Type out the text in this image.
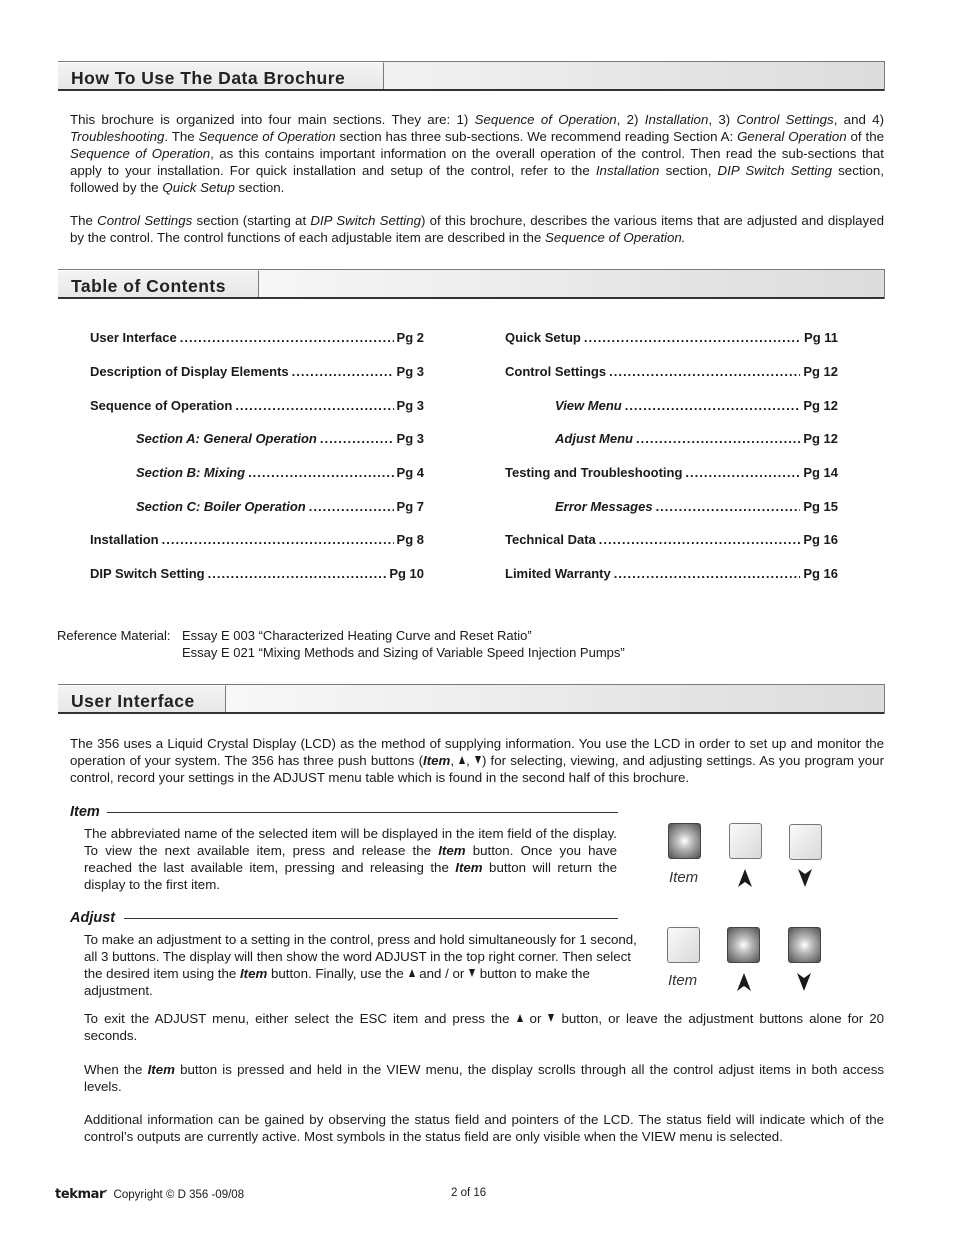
How To Use The Data Brochure

This brochure is organized into four main sections. They are: 1) Sequence of Operation, 2) Installation, 3) Control Settings, and 4) Troubleshooting. The Sequence of Operation section has three sub-sections. We recommend reading Section A: General Operation of the Sequence of Operation, as this contains important information on the overall operation of the control. Then read the sub-sections that apply to your installation. For quick installation and setup of the control, refer to the Installation section, DIP Switch Setting section, followed by the Quick Setup section.

The Control Settings section (starting at DIP Switch Setting) of this brochure, describes the various items that are adjusted and displayed by the control. The control functions of each adjustable item are described in the Sequence of Operation.

Table of Contents
User Interface .....	Pg 2
Description of Display Elements .....	Pg 3
Sequence of Operation .....	Pg 3
Section A: General Operation .....	Pg 3
Section B: Mixing .....	Pg 4
Section C: Boiler Operation .....	Pg 7
Installation .....	Pg 8
DIP Switch Setting .....	Pg 10
Quick Setup .....	Pg 11
Control Settings .....	Pg 12
View Menu .....	Pg 12
Adjust Menu .....	Pg 12
Testing and Troubleshooting .....	Pg 14
Error Messages .....	Pg 15
Technical Data .....	Pg 16
Limited Warranty .....	Pg 16
Reference Material: Essay E 003 “Characterized Heating Curve and Reset Ratio”
Essay E 021 “Mixing Methods and Sizing of Variable Speed Injection Pumps”
User Interface

The 356 uses a Liquid Crystal Display (LCD) as the method of supplying information. You use the LCD in order to set up and monitor the operation of your system. The 356 has three push buttons (Item, , ) for selecting, viewing, and adjusting settings. As you program your control, record your settings in the ADJUST menu table which is found in the second half of this brochure.

Item

The abbreviated name of the selected item will be displayed in the item field of the display. To view the next available item, press and release the Item button. Once you have reached the last available item, pressing and releasing the Item button will return the display to the first item.	Item
Adjust

To make an adjustment to a setting in the control, press and hold simultaneously for 1 second, all 3 buttons. The display will then show the word ADJUST in the top right corner. Then select the desired item using the Item button. Finally, use the  and / or  button to make the adjustment.

Item

To exit the ADJUST menu, either select the ESC item and press the  or  button, or leave the adjustment buttons alone for 20 seconds.

When the Item button is pressed and held in the VIEW menu, the display scrolls through all the control adjust items in both access levels.

Additional information can be gained by observing the status field and pointers of the LCD. The status field will indicate which of the control’s outputs are currently active. Most symbols in the status field are only visible when the VIEW menu is selected.

tekmar• Copyright © D 356 -09/08	2 of 16
